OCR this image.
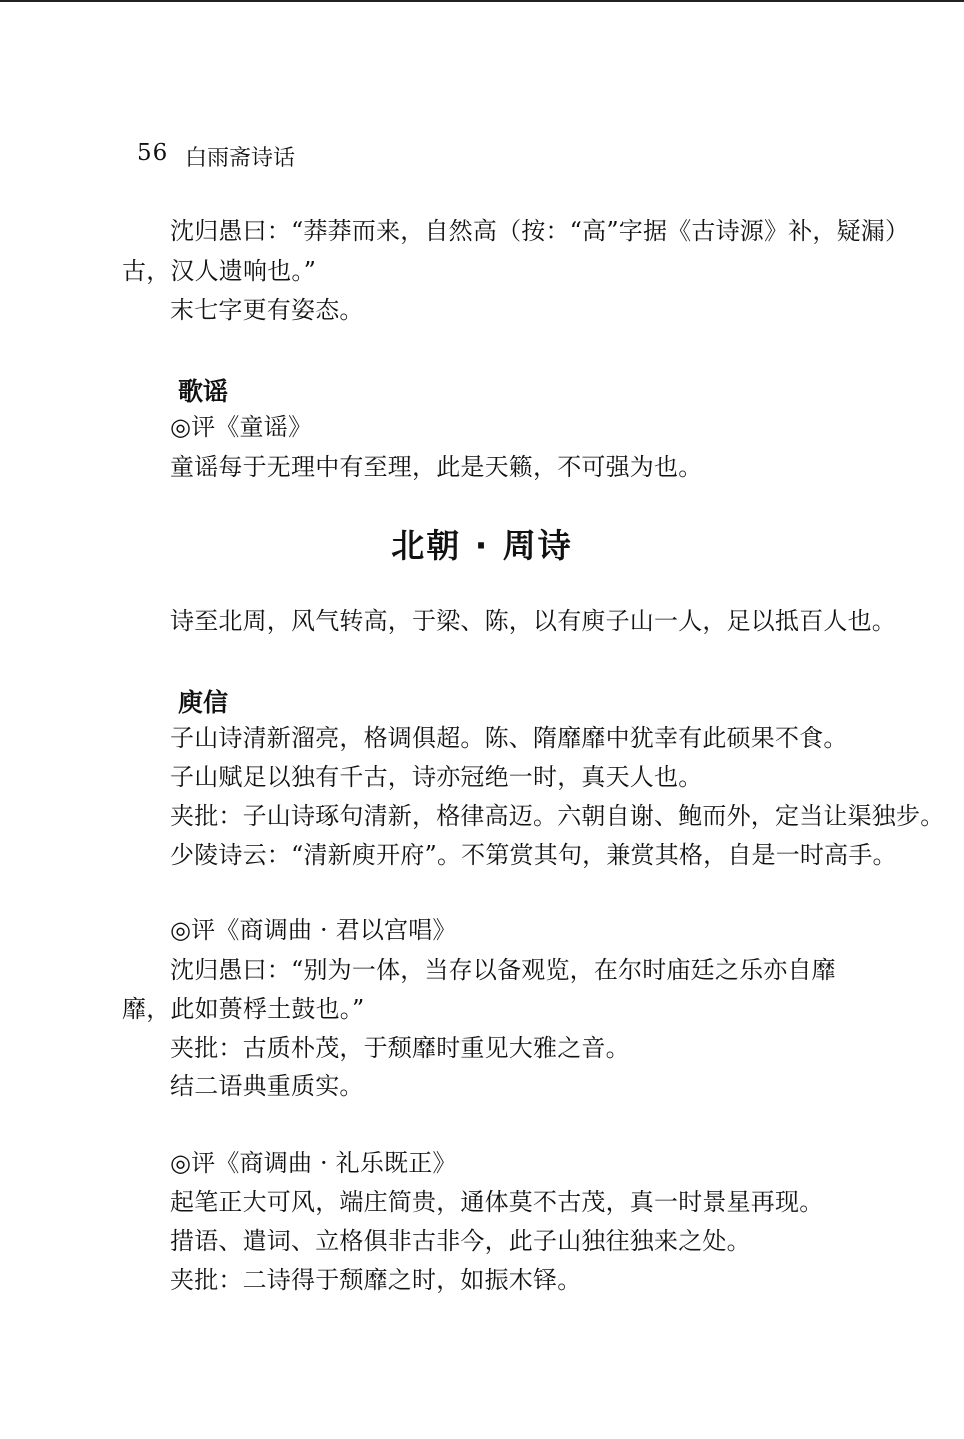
56 白雨斋诗话
沈归愚曰：“莽莽而来，自然高（按：“高”字据《古诗源》补，疑漏）
古，汉人遗响也。”
末七字更有姿态。
歌谣
◎评《童谣》
童谣每于无理中有至理，此是天籁，不可强为也。
北朝 · 周诗
诗至北周，风气转高，于梁、陈，以有庾子山一人，足以抵百人也。
庾信
子山诗清新溜亮，格调俱超。陈、隋靡靡中犹幸有此硕果不食。
子山赋足以独有千古，诗亦冠绝一时，真天人也。
夹批：子山诗琢句清新，格律高迈。六朝自谢、鲍而外，定当让渠独步。
少陵诗云：“清新庾开府”。不第赏其句，兼赏其格，自是一时高手。
◎评《商调曲 · 君以宫唱》
沈归愚曰：“别为一体，当存以备观览，在尔时庙廷之乐亦自靡
靡，此如蒉桴土鼓也。”
夹批：古质朴茂，于颓靡时重见大雅之音。
结二语典重质实。
◎评《商调曲 · 礼乐既正》
起笔正大可风，端庄简贵，通体莫不古茂，真一时景星再现。
措语、遣词、立格俱非古非今，此子山独往独来之处。
夹批：二诗得于颓靡之时，如振木铎。
